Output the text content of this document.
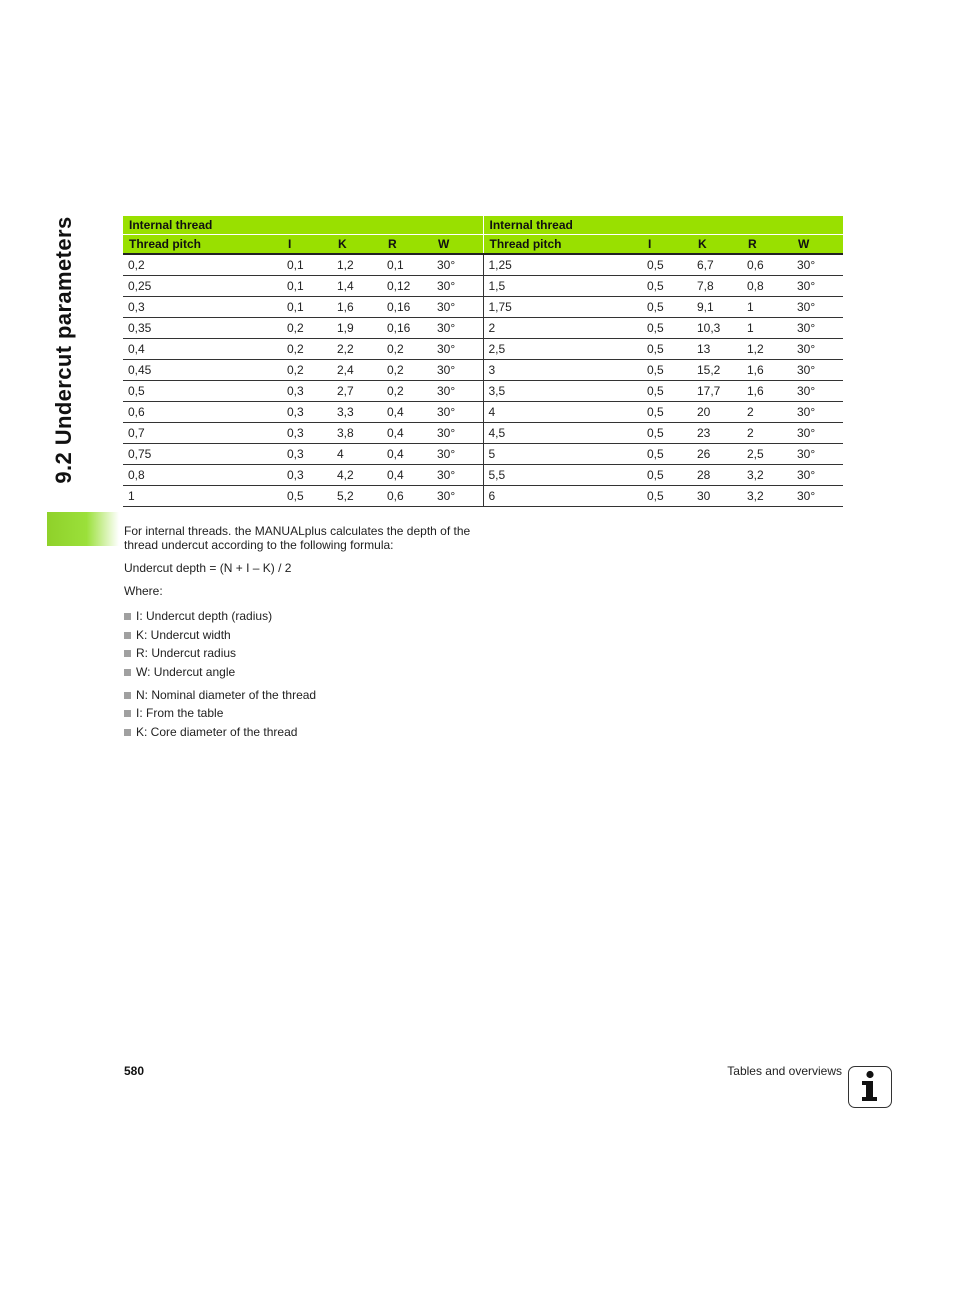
9.2 Undercut parameters	Internal thread					Internal thread				
Thread pitch	I	K	R	W	Thread pitch	I	K	R	W
0,2	0,1	1,2	0,1	30°	1,25	0,5	6,7	0,6	30°
0,25	0,1	1,4	0,12	30°	1,5	0,5	7,8	0,8	30°
0,3	0,1	1,6	0,16	30°	1,75	0,5	9,1	1	30°
0,35	0,2	1,9	0,16	30°	2	0,5	10,3	1	30°
0,4	0,2	2,2	0,2	30°	2,5	0,5	13	1,2	30°
0,45	0,2	2,4	0,2	30°	3	0,5	15,2	1,6	30°
0,5	0,3	2,7	0,2	30°	3,5	0,5	17,7	1,6	30°
0,6	0,3	3,3	0,4	30°	4	0,5	20	2	30°
0,7	0,3	3,8	0,4	30°	4,5	0,5	23	2	30°
0,75	0,3	4	0,4	30°	5	0,5	26	2,5	30°
0,8	0,3	4,2	0,4	30°	5,5	0,5	28	3,2	30°
1	0,5	5,2	0,6	30°	6	0,5	30	3,2	30°

For internal threads. the MANUALplus calculates the depth of the

thread undercut according to the following formula:

Undercut depth = (N + I – K) / 2

Where:

I: Undercut depth (radius)
K: Undercut width
R: Undercut radius
W: Undercut angle
N: Nominal diameter of the thread
I: From the table
K: Core diameter of the thread
580	Tables and overviews
